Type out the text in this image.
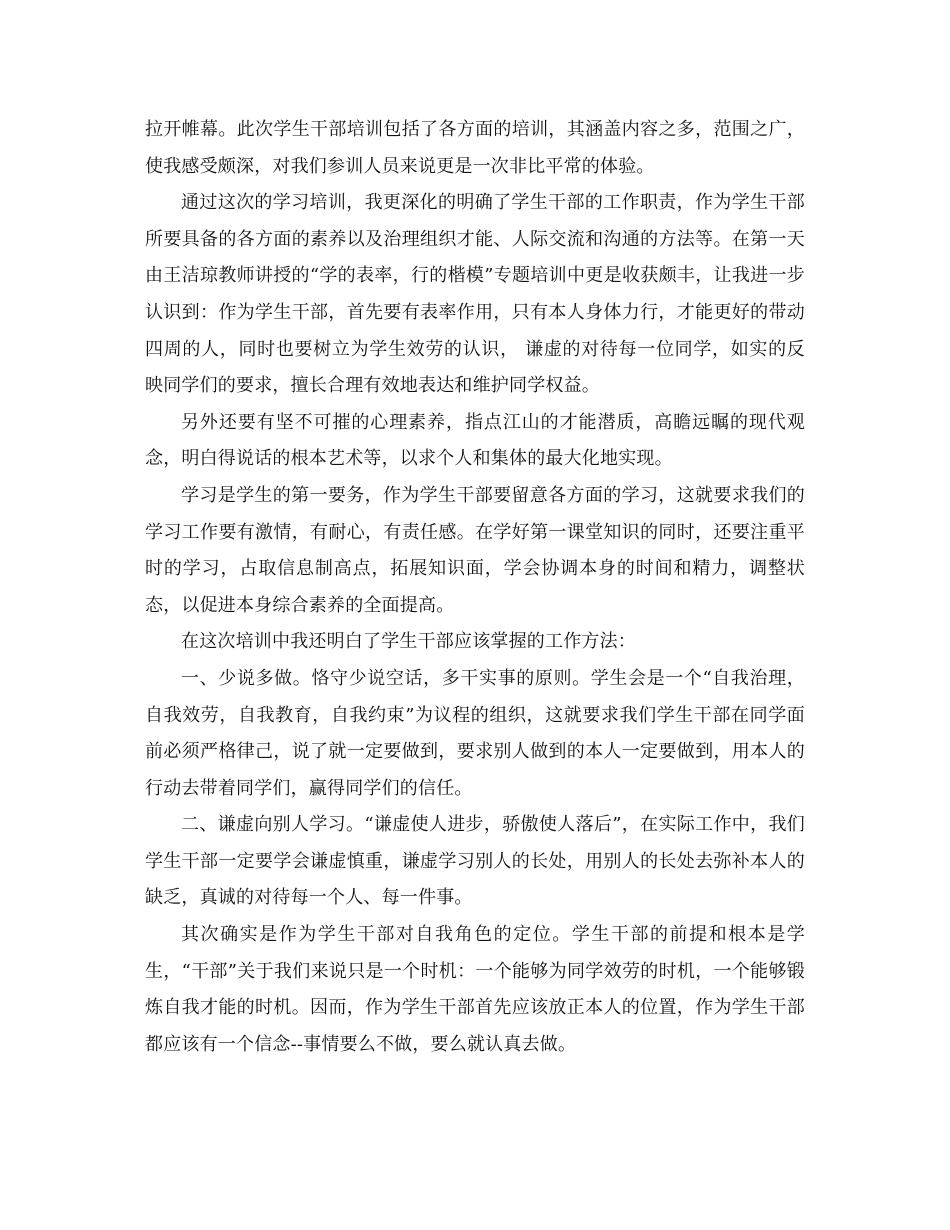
拉开帷幕。此次学生干部培训包括了各方面的培训，其涵盖内容之多，范围之广，使我感受颇深，对我们参训人员来说更是一次非比平常的体验。

通过这次的学习培训，我更深化的明确了学生干部的工作职责，作为学生干部所要具备的各方面的素养以及治理组织才能、人际交流和沟通的方法等。在第一天由王洁琼教师讲授的“学的表率，行的楷模”专题培训中更是收获颇丰，让我进一步认识到：作为学生干部，首先要有表率作用，只有本人身体力行，才能更好的带动四周的人，同时也要树立为学生效劳的认识， 谦虚的对待每一位同学，如实的反映同学们的要求，擅长合理有效地表达和维护同学权益。

另外还要有坚不可摧的心理素养，指点江山的才能潜质，高瞻远瞩的现代观念，明白得说话的根本艺术等，以求个人和集体的最大化地实现。

学习是学生的第一要务，作为学生干部要留意各方面的学习，这就要求我们的学习工作要有激情，有耐心，有责任感。在学好第一课堂知识的同时，还要注重平时的学习，占取信息制高点，拓展知识面，学会协调本身的时间和精力，调整状态，以促进本身综合素养的全面提高。

在这次培训中我还明白了学生干部应该掌握的工作方法：

一、少说多做。恪守少说空话，多干实事的原则。学生会是一个“自我治理，自我效劳，自我教育，自我约束”为议程的组织，这就要求我们学生干部在同学面前必须严格律己，说了就一定要做到，要求别人做到的本人一定要做到，用本人的行动去带着同学们，赢得同学们的信任。

二、谦虚向别人学习。“谦虚使人进步，骄傲使人落后”，在实际工作中，我们学生干部一定要学会谦虚慎重，谦虚学习别人的长处，用别人的长处去弥补本人的缺乏，真诚的对待每一个人、每一件事。

其次确实是作为学生干部对自我角色的定位。学生干部的前提和根本是学生，“干部”关于我们来说只是一个时机：一个能够为同学效劳的时机，一个能够锻炼自我才能的时机。因而，作为学生干部首先应该放正本人的位置，作为学生干部都应该有一个信念--事情要么不做，要么就认真去做。
